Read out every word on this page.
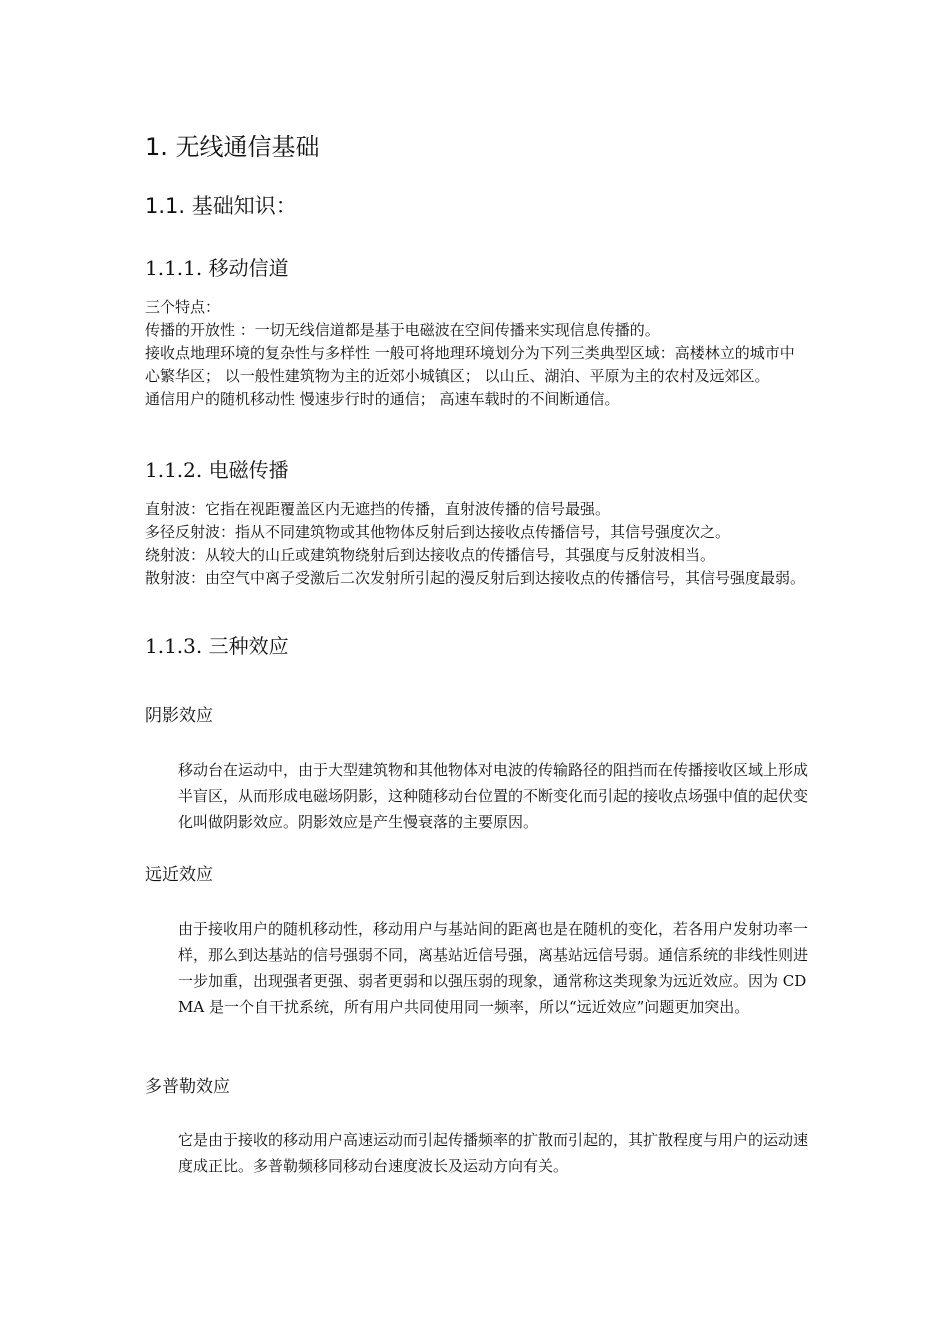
1. 无线通信基础
1.1. 基础知识：
1.1.1. 移动信道
三个特点：
传播的开放性 ：一切无线信道都是基于电磁波在空间传播来实现信息传播的。
接收点地理环境的复杂性与多样性 一般可将地理环境划分为下列三类典型区域：高楼林立的城市中心繁华区； 以一般性建筑物为主的近郊小城镇区； 以山丘、湖泊、平原为主的农村及远郊区。
通信用户的随机移动性 慢速步行时的通信； 高速车载时的不间断通信。
1.1.2. 电磁传播
直射波：它指在视距覆盖区内无遮挡的传播，直射波传播的信号最强。
多径反射波：指从不同建筑物或其他物体反射后到达接收点传播信号，其信号强度次之。
绕射波：从较大的山丘或建筑物绕射后到达接收点的传播信号，其强度与反射波相当。
散射波：由空气中离子受激后二次发射所引起的漫反射后到达接收点的传播信号，其信号强度最弱。
1.1.3. 三种效应
阴影效应
移动台在运动中，由于大型建筑物和其他物体对电波的传输路径的阻挡而在传播接收区域上形成半盲区，从而形成电磁场阴影，这种随移动台位置的不断变化而引起的接收点场强中值的起伏变化叫做阴影效应。阴影效应是产生慢衰落的主要原因。
远近效应
由于接收用户的随机移动性，移动用户与基站间的距离也是在随机的变化，若各用户发射功率一样，那么到达基站的信号强弱不同，离基站近信号强，离基站远信号弱。通信系统的非线性则进一步加重，出现强者更强、弱者更弱和以强压弱的现象，通常称这类现象为远近效应。因为 CDMA 是一个自干扰系统，所有用户共同使用同一频率，所以“远近效应”问题更加突出。
多普勒效应
它是由于接收的移动用户高速运动而引起传播频率的扩散而引起的，其扩散程度与用户的运动速度成正比。多普勒频移同移动台速度波长及运动方向有关。
